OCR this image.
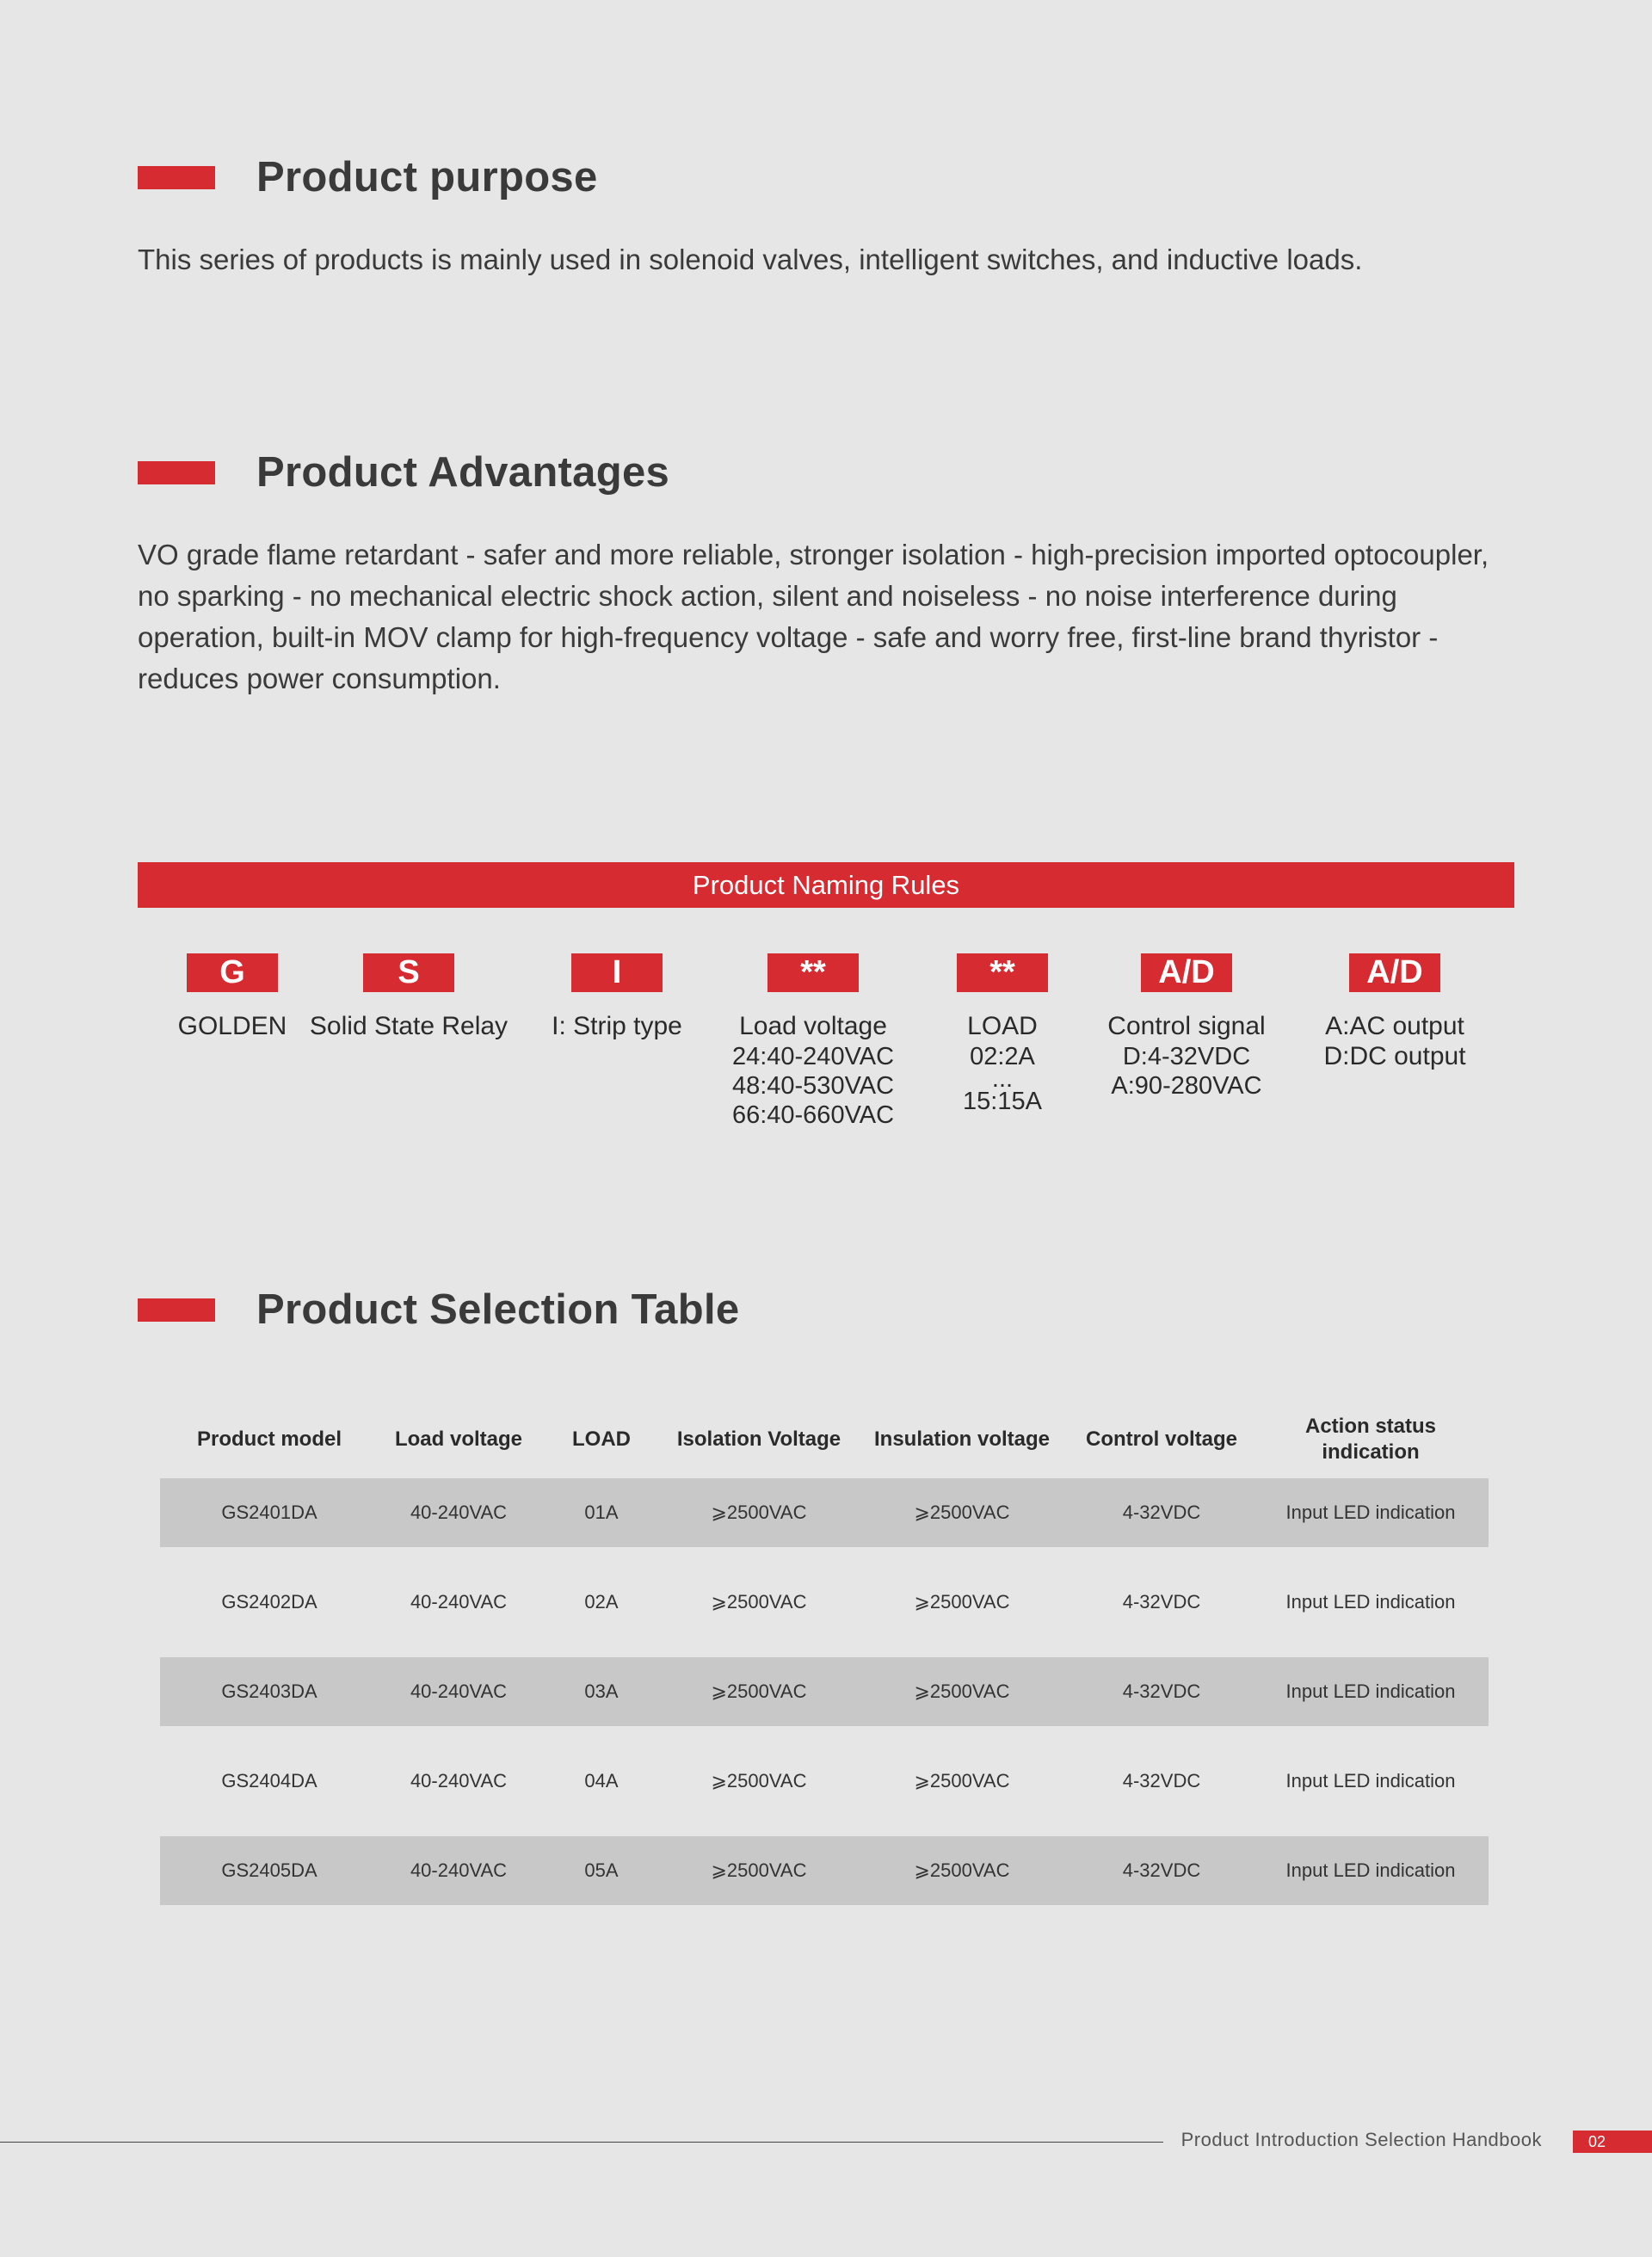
Product purpose
This series of products is mainly used in solenoid valves, intelligent switches, and inductive loads.
Product Advantages
VO grade flame retardant - safer and more reliable, stronger isolation - high-precision imported optocoupler, no sparking - no mechanical electric shock action, silent and noiseless - no noise interference during operation, built-in MOV clamp for high-frequency voltage - safe and worry free, first-line brand thyristor - reduces power consumption.
Product Naming Rules
G
GOLDEN
S
Solid State Relay
I
I: Strip type
**
Load voltage
24:40-240VAC
48:40-530VAC
66:40-660VAC
**
LOAD
02:2A
...
15:15A
A/D
Control signal
D:4-32VDC
A:90-280VAC
A/D
A:AC output
D:DC output
Product Selection Table
Product model	Load voltage	LOAD	Isolation Voltage	Insulation voltage	Control voltage	Action status indication
GS2401DA	40-240VAC	01A	⩾2500VAC	⩾2500VAC	4-32VDC	Input LED indication

GS2402DA	40-240VAC	02A	⩾2500VAC	⩾2500VAC	4-32VDC	Input LED indication

GS2403DA	40-240VAC	03A	⩾2500VAC	⩾2500VAC	4-32VDC	Input LED indication

GS2404DA	40-240VAC	04A	⩾2500VAC	⩾2500VAC	4-32VDC	Input LED indication

GS2405DA	40-240VAC	05A	⩾2500VAC	⩾2500VAC	4-32VDC	Input LED indication
Product Introduction Selection Handbook	02
